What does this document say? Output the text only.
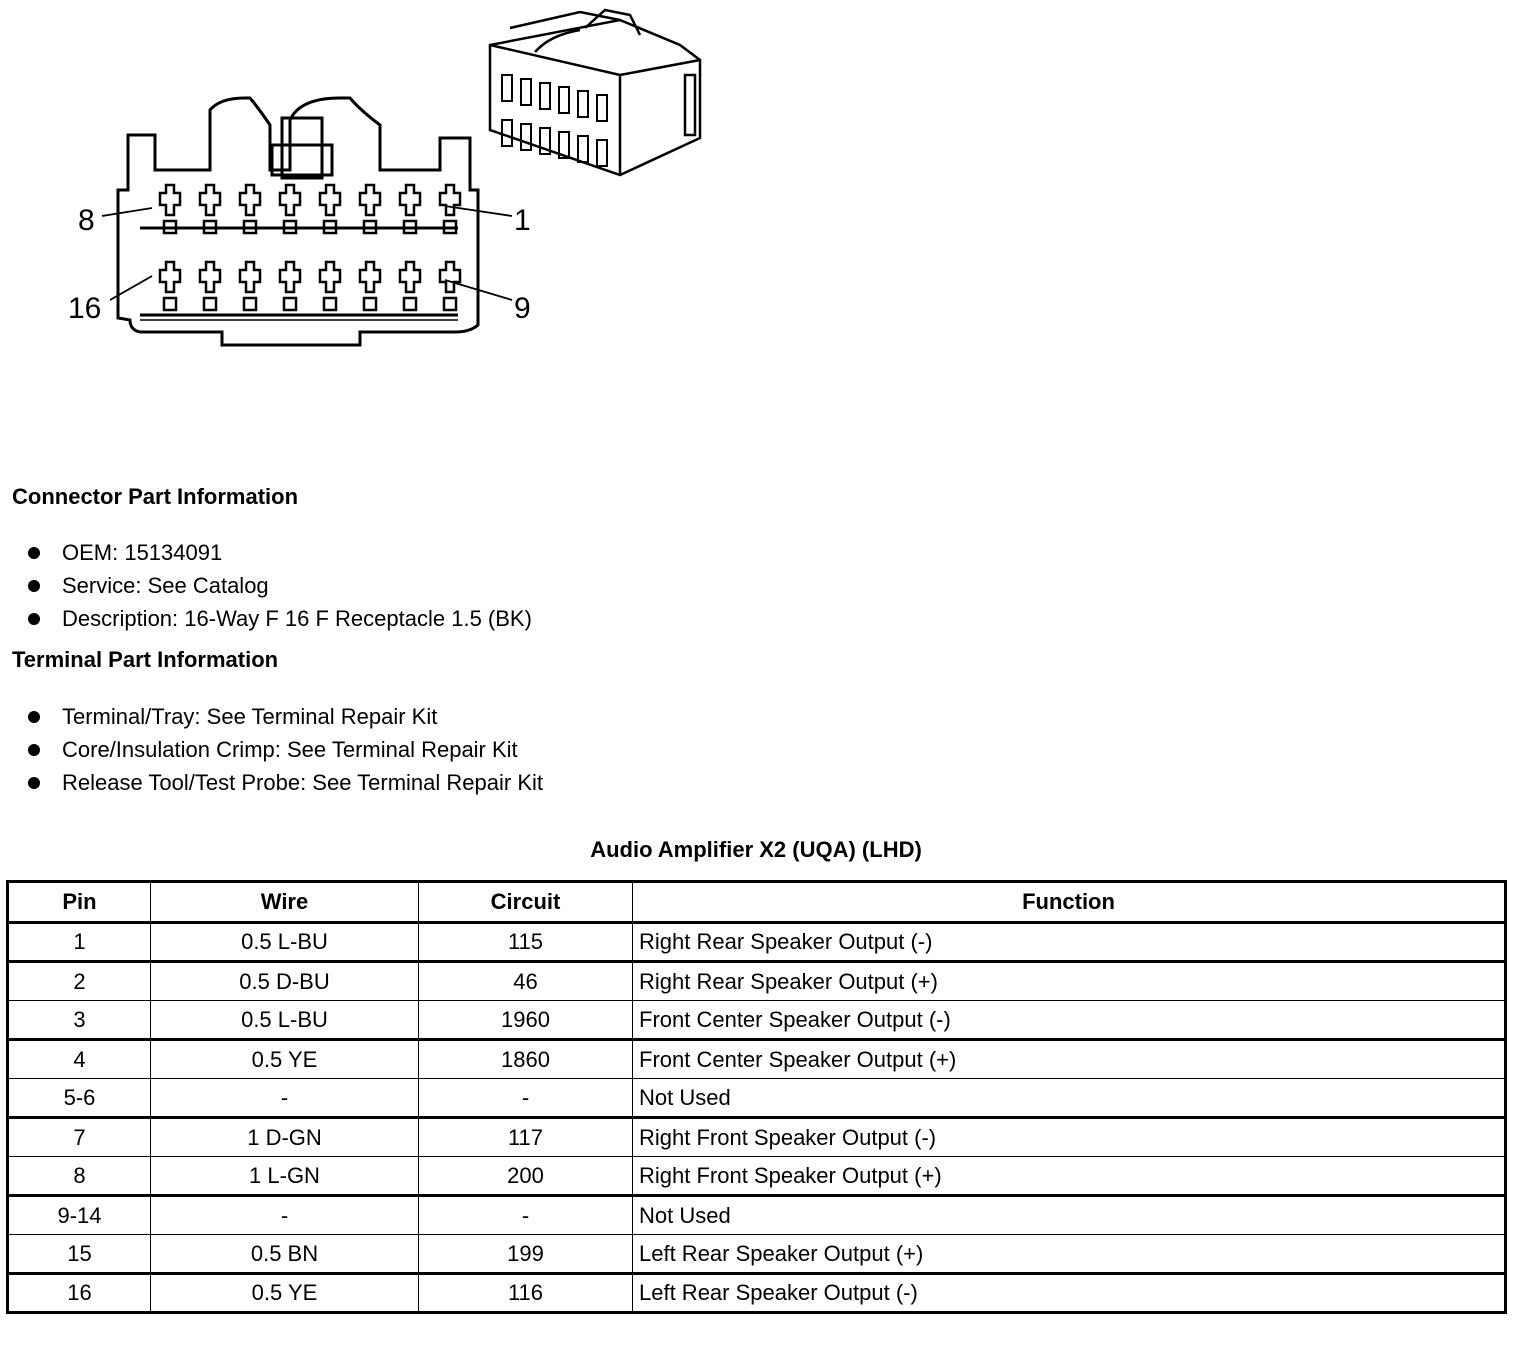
8	1
16	9
Connector Part Information
OEM: 15134091
Service: See Catalog
Description: 16-Way F 16 F Receptacle 1.5 (BK)
Terminal Part Information
Terminal/Tray: See Terminal Repair Kit
Core/Insulation Crimp: See Terminal Repair Kit
Release Tool/Test Probe: See Terminal Repair Kit
Audio Amplifier X2 (UQA) (LHD)
Pin	Wire	Circuit	Function
1	0.5 L-BU	115	Right Rear Speaker Output (-)
2	0.5 D-BU	46	Right Rear Speaker Output (+)
3	0.5 L-BU	1960	Front Center Speaker Output (-)
4	0.5 YE	1860	Front Center Speaker Output (+)
5-6	-	-	Not Used
7	1 D-GN	117	Right Front Speaker Output (-)
8	1 L-GN	200	Right Front Speaker Output (+)
9-14	-	-	Not Used
15	0.5 BN	199	Left Rear Speaker Output (+)
16	0.5 YE	116	Left Rear Speaker Output (-)
